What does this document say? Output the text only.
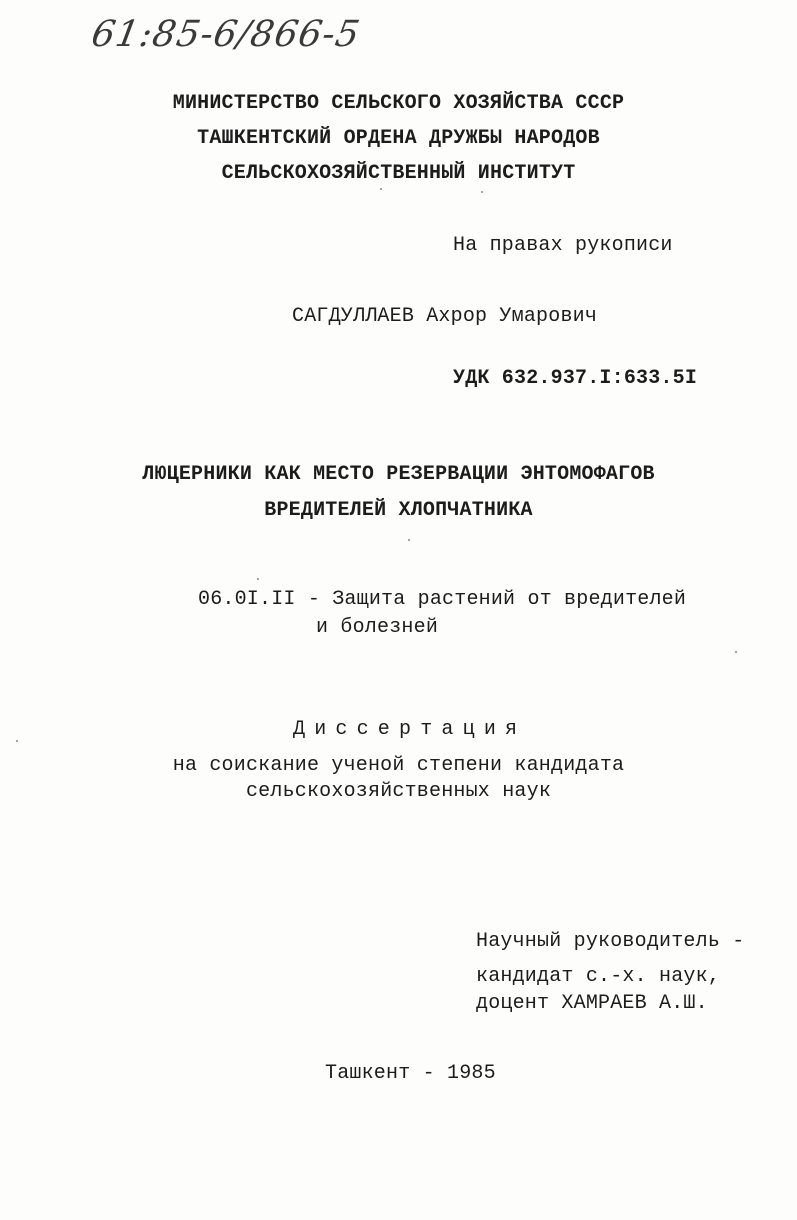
61:85-6/866-5
МИНИСТЕРСТВО СЕЛЬСКОГО ХОЗЯЙСТВА СССР
ТАШКЕНТСКИЙ ОРДЕНА ДРУЖБЫ НАРОДОВ
СЕЛЬСКОХОЗЯЙСТВЕННЫЙ ИНСТИТУТ
На правах рукописи
САГДУЛЛАЕВ Ахрор Умарович
УДК 632.937.I:633.5I
ЛЮЦЕРНИКИ КАК МЕСТО РЕЗЕРВАЦИИ ЭНТОМОФАГОВ
ВРЕДИТЕЛЕЙ ХЛОПЧАТНИКА
06.0I.II - Защита растений от вредителей
и болезней
Диссертация
на соискание ученой степени кандидата
сельскохозяйственных наук
Научный руководитель -
кандидат с.-х. наук,
доцент ХАМРАЕВ А.Ш.
Ташкент - 1985
